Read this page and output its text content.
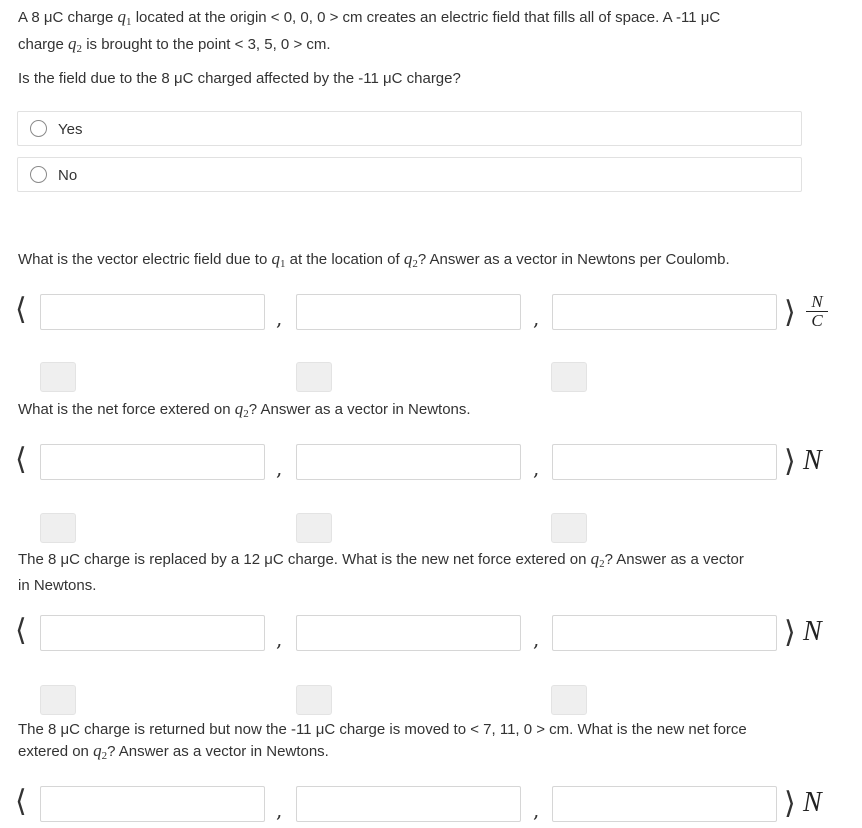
A 8 μC charge $q_1$ located at the origin < 0, 0, 0 > cm creates an electric field that fills all of space. A -11 μC
charge $q_2$ is brought to the point < 3, 5, 0 > cm.
Is the field due to the 8 μC charged affected by the -11 μC charge?
Yes
No
What is the vector electric field due to $q_1$ at the location of $q_2$? Answer as a vector in Newtons per Coulomb.
⟨	,	,	⟩ N
C
What is the net force extered on $q_2$? Answer as a vector in Newtons.
⟨	,	,	⟩ N
The 8 μC charge is replaced by a 12 μC charge. What is the new net force extered on $q_2$? Answer as a vector
in Newtons.
⟨	,	,	⟩ N
The 8 μC charge is returned but now the -11 μC charge is moved to < 7, 11, 0 > cm. What is the new net force
extered on $q_2$? Answer as a vector in Newtons.
⟨	,	,	⟩ N
